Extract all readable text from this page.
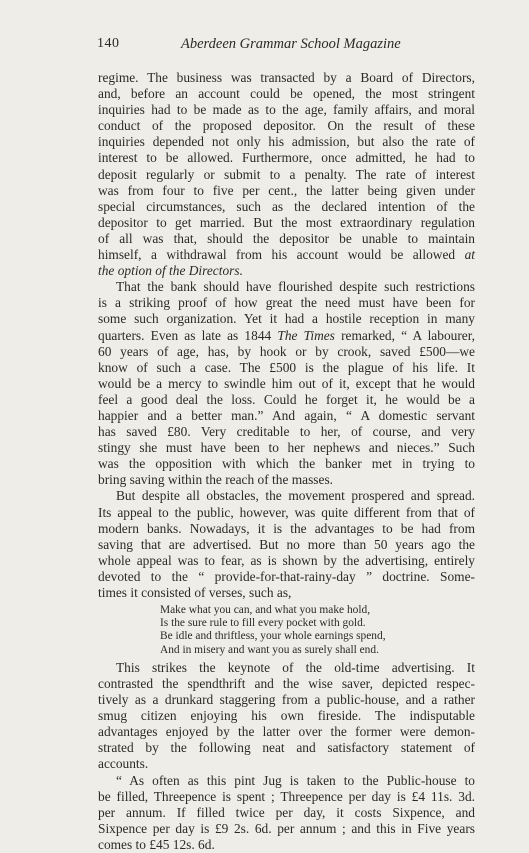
140	Aberdeen Grammar School Magazine
regime. The business was transacted by a Board of Directors,
and, before an account could be opened, the most stringent
inquiries had to be made as to the age, family affairs, and moral
conduct of the proposed depositor. On the result of these
inquiries depended not only his admission, but also the rate of
interest to be allowed. Furthermore, once admitted, he had to
deposit regularly or submit to a penalty. The rate of interest
was from four to five per cent., the latter being given under
special circumstances, such as the declared intention of the
depositor to get married. But the most extraordinary regulation
of all was that, should the depositor be unable to maintain
himself, a withdrawal from his account would be allowed at
the option of the Directors.
That the bank should have flourished despite such restrictions
is a striking proof of how great the need must have been for
some such organization. Yet it had a hostile reception in many
quarters. Even as late as 1844 The Times remarked, “ A labourer,
60 years of age, has, by hook or by crook, saved £500—we
know of such a case. The £500 is the plague of his life. It
would be a mercy to swindle him out of it, except that he would
feel a good deal the loss. Could he forget it, he would be a
happier and a better man.” And again, “ A domestic servant
has saved £80. Very creditable to her, of course, and very
stingy she must have been to her nephews and nieces.” Such
was the opposition with which the banker met in trying to
bring saving within the reach of the masses.
But despite all obstacles, the movement prospered and spread.
Its appeal to the public, however, was quite different from that of
modern banks. Nowadays, it is the advantages to be had from
saving that are advertised. But no more than 50 years ago the
whole appeal was to fear, as is shown by the advertising, entirely
devoted to the “ provide-for-that-rainy-day ” doctrine. Some-
times it consisted of verses, such as,
Make what you can, and what you make hold,
Is the sure rule to fill every pocket with gold.
Be idle and thriftless, your whole earnings spend,
And in misery and want you as surely shall end.
This strikes the keynote of the old-time advertising. It
contrasted the spendthrift and the wise saver, depicted respec-
tively as a drunkard staggering from a public-house, and a rather
smug citizen enjoying his own fireside. The indisputable
advantages enjoyed by the latter over the former were demon-
strated by the following neat and satisfactory statement of
accounts.
“ As often as this pint Jug is taken to the Public-house to
be filled, Threepence is spent ; Threepence per day is £4 11s. 3d.
per annum. If filled twice per day, it costs Sixpence, and
Sixpence per day is £9 2s. 6d. per annum ; and this in Five years
comes to £45 12s. 6d.
